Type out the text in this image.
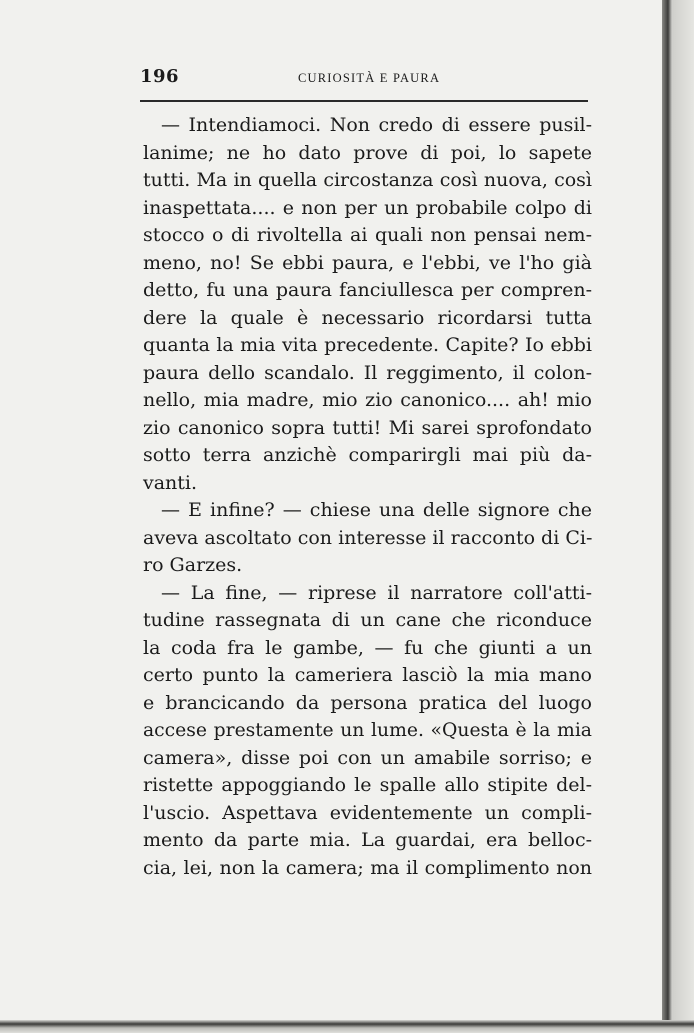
196	CURIOSITÀ E PAURA
— Intendiamoci. Non credo di essere pusil-
lanime; ne ho dato prove di poi, lo sapete
tutti. Ma in quella circostanza così nuova, così
inaspettata.... e non per un probabile colpo di
stocco o di rivoltella ai quali non pensai nem-
meno, no! Se ebbi paura, e l'ebbi, ve l'ho già
detto, fu una paura fanciullesca per compren-
dere la quale è necessario ricordarsi tutta
quanta la mia vita precedente. Capite? Io ebbi
paura dello scandalo. Il reggimento, il colon-
nello, mia madre, mio zio canonico.... ah! mio
zio canonico sopra tutti! Mi sarei sprofondato
sotto terra anzichè comparirgli mai più da-
vanti.
— E infine? — chiese una delle signore che
aveva ascoltato con interesse il racconto di Ci-
ro Garzes.
— La fine, — riprese il narratore coll'atti-
tudine rassegnata di un cane che riconduce
la coda fra le gambe, — fu che giunti a un
certo punto la cameriera lasciò la mia mano
e brancicando da persona pratica del luogo
accese prestamente un lume. «Questa è la mia
camera», disse poi con un amabile sorriso; e
ristette appoggiando le spalle allo stipite del-
l'uscio. Aspettava evidentemente un compli-
mento da parte mia. La guardai, era belloc-
cia, lei, non la camera; ma il complimento non
